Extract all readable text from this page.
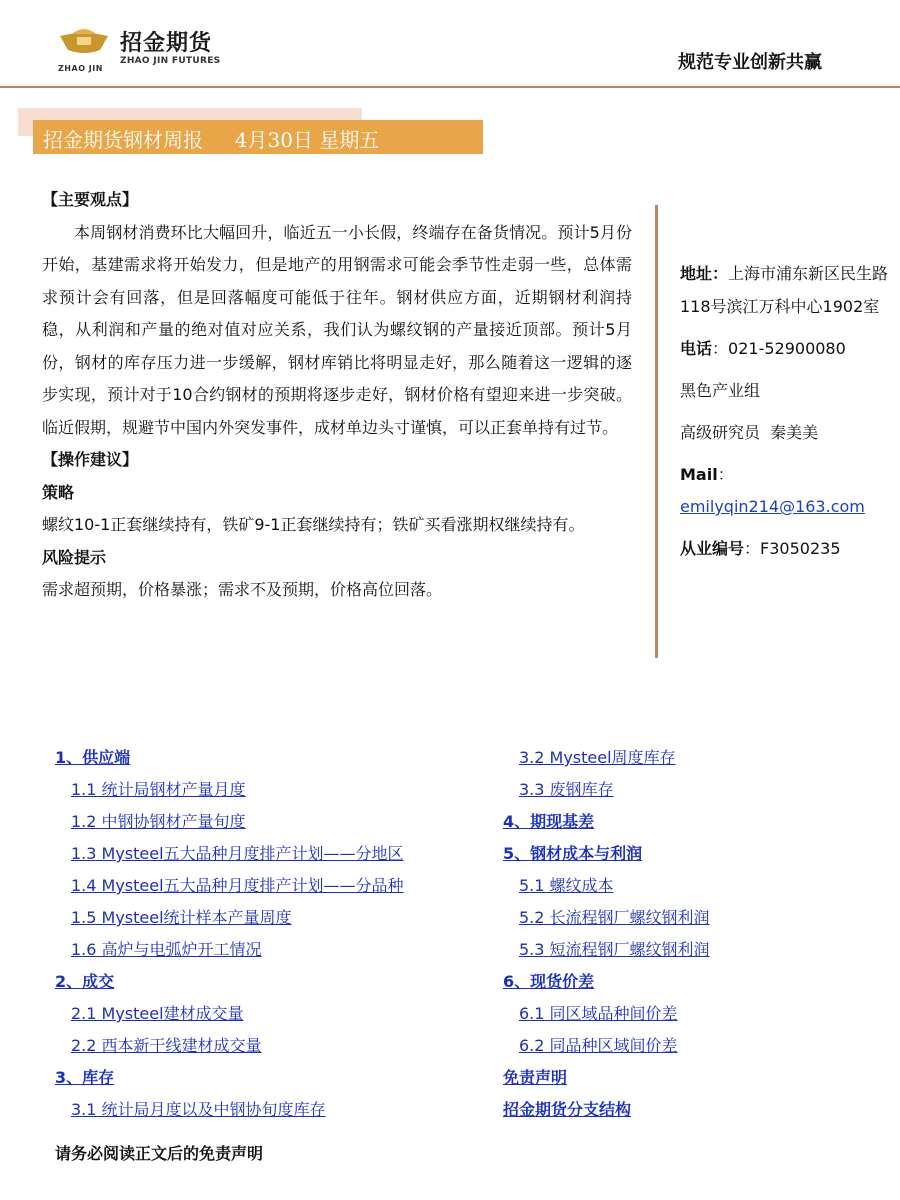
招金期货
ZHAO JIN
ZHAO JIN FUTURES	规范专业创新共赢
招金期货钢材周报     4月30日 星期五
【主要观点】

本周钢材消费环比大幅回升，临近五一小长假，终端存在备货情况。预计5月份开始，基建需求将开始发力，但是地产的用钢需求可能会季节性走弱一些，总体需求预计会有回落，但是回落幅度可能低于往年。钢材供应方面，近期钢材利润持稳，从利润和产量的绝对值对应关系，我们认为螺纹钢的产量接近顶部。预计5月份，钢材的库存压力进一步缓解，钢材库销比将明显走好，那么随着这一逻辑的逐步实现，预计对于10合约钢材的预期将逐步走好，钢材价格有望迎来进一步突破。临近假期，规避节中国内外突发事件，成材单边头寸谨慎，可以正套单持有过节。

【操作建议】
策略

螺纹10-1正套继续持有，铁矿9-1正套继续持有；铁矿买看涨期权继续持有。

风险提示

需求超预期，价格暴涨；需求不及预期，价格高位回落。

地址：上海市浦东新区民生路118号滨江万科中心1902室

电话：021-52900080

黑色产业组

高级研究员  秦美美

Mail：

emilyqin214@163.com

从业编号：F3050235

1、供应端
1.1 统计局钢材产量月度
1.2 中钢协钢材产量旬度
1.3 Mysteel五大品种月度排产计划——分地区
1.4 Mysteel五大品种月度排产计划——分品种
1.5 Mysteel统计样本产量周度
1.6 高炉与电弧炉开工情况
2、成交
2.1 Mysteel建材成交量
2.2 西本新干线建材成交量
3、库存
3.1 统计局月度以及中钢协旬度库存
3.2 Mysteel周度库存
3.3 废钢库存
4、期现基差
5、钢材成本与利润
5.1 螺纹成本
5.2 长流程钢厂螺纹钢利润
5.3 短流程钢厂螺纹钢利润
6、现货价差
6.1 同区域品种间价差
6.2 同品种区域间价差
免责声明
招金期货分支结构
请务必阅读正文后的免责声明
